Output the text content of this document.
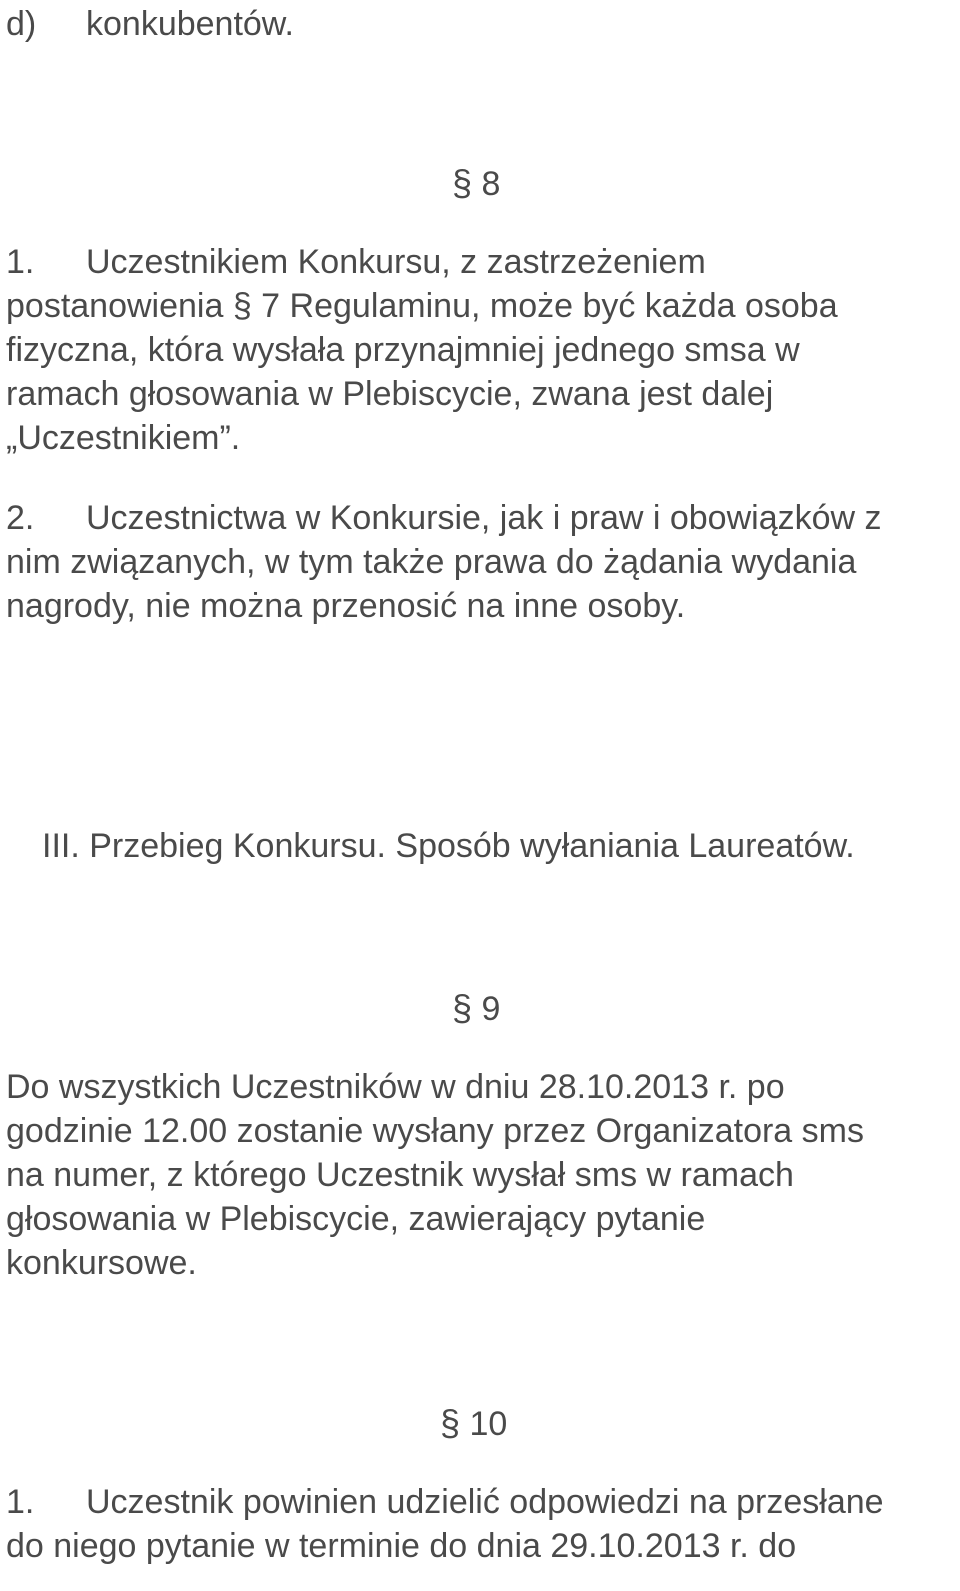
d) konkubentów.
§ 8
1. Uczestnikiem Konkursu, z zastrzeżeniem
postanowienia § 7 Regulaminu, może być każda osoba
fizyczna, która wysłała przynajmniej jednego smsa w
ramach głosowania w Plebiscycie, zwana jest dalej
„Uczestnikiem”.
2. Uczestnictwa w Konkursie, jak i praw i obowiązków z
nim związanych, w tym także prawa do żądania wydania
nagrody, nie można przenosić na inne osoby.
III. Przebieg Konkursu. Sposób wyłaniania Laureatów.
§ 9
Do wszystkich Uczestników w dniu 28.10.2013 r. po
godzinie 12.00 zostanie wysłany przez Organizatora sms
na numer, z którego Uczestnik wysłał sms w ramach
głosowania w Plebiscycie, zawierający pytanie
konkursowe.
§ 10
1. Uczestnik powinien udzielić odpowiedzi na przesłane
do niego pytanie w terminie do dnia 29.10.2013 r. do
